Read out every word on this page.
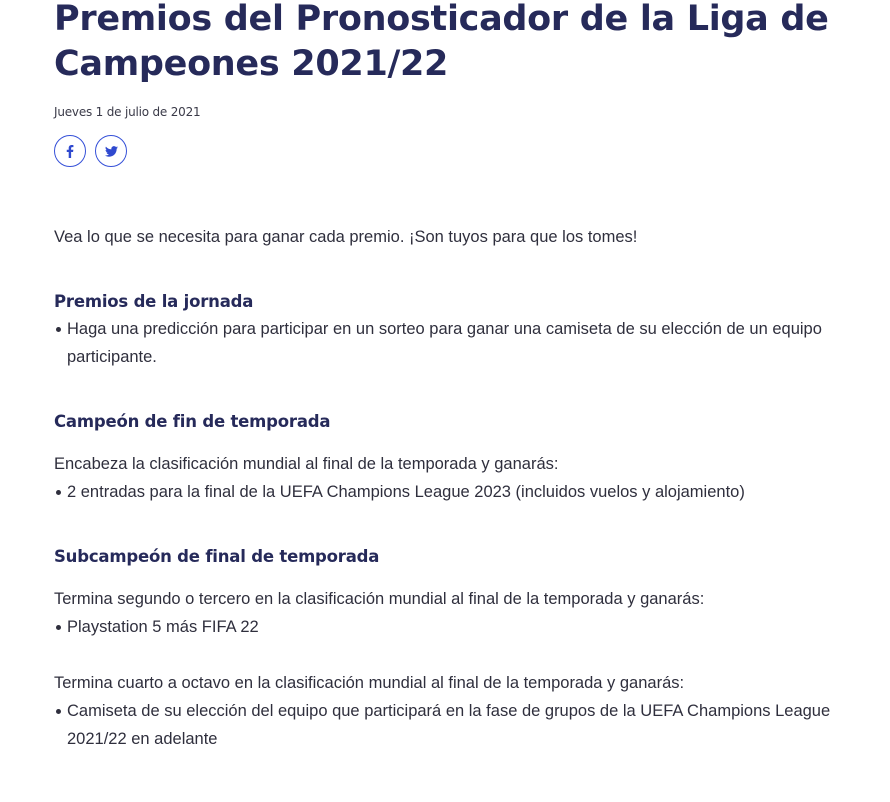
Premios del Pronosticador de la Liga de Campeones 2021/22
Jueves 1 de julio de 2021

Vea lo que se necesita para ganar cada premio. ¡Son tuyos para que los tomes!

Premios de la jornada
Haga una predicción para participar en un sorteo para ganar una camiseta de su elección de un equipo participante.
Campeón de fin de temporada

Encabeza la clasificación mundial al final de la temporada y ganarás:

2 entradas para la final de la UEFA Champions League 2023 (incluidos vuelos y alojamiento)
Subcampeón de final de temporada

Termina segundo o tercero en la clasificación mundial al final de la temporada y ganarás:

Playstation 5 más FIFA 22

Termina cuarto a octavo en la clasificación mundial al final de la temporada y ganarás:

Camiseta de su elección del equipo que participará en la fase de grupos de la UEFA Champions League 2021/22 en adelante
